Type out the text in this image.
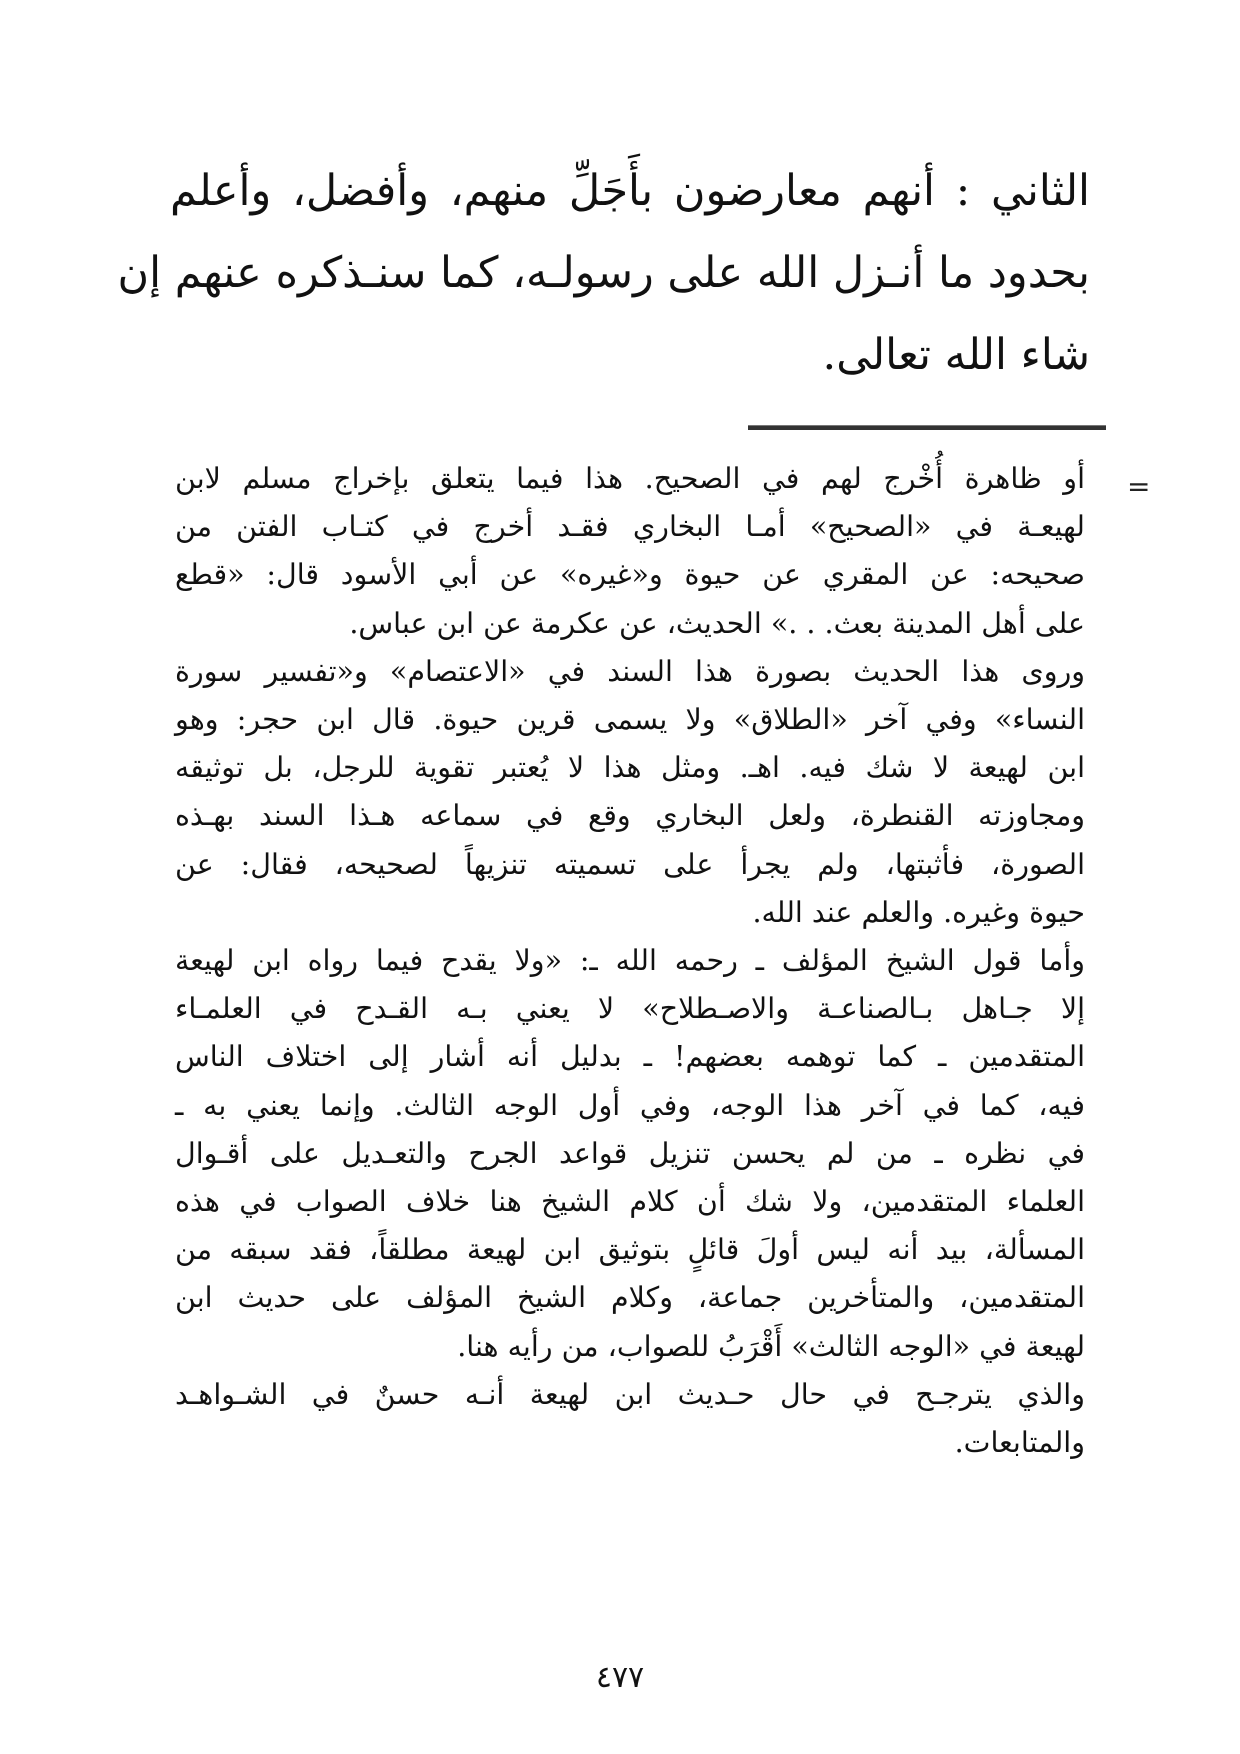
الثاني : أنهم معارضون بأَجَلِّ منهم، وأفضل، وأعلم
بحدود ما أنـزل الله على رسولـه، كما سنـذكره عنهم إن
شاء الله تعالى.
=
أو ظاهرة أُخْرج لهم في الصحيح. هذا فيما يتعلق بإخراج مسلم لابن
لهيعـة في «الصحيح» أمـا البخاري فقـد أخرج في كتـاب الفتن من
صحيحه: عن المقري عن حيوة و«غيره» عن أبي الأسود قال: «قطع
على أهل المدينة بعث. . .» الحديث، عن عكرمة عن ابن عباس.
وروى هذا الحديث بصورة هذا السند في «الاعتصام» و«تفسير سورة
النساء» وفي آخر «الطلاق» ولا يسمى قرين حيوة. قال ابن حجر: وهو
ابن لهيعة لا شك فيه. اهـ. ومثل هذا لا يُعتبر تقوية للرجل، بل توثيقه
ومجاوزته القنطرة، ولعل البخاري وقع في سماعه هـذا السند بهـذه
الصورة، فأثبتها، ولم يجرأ على تسميته تنزيهاً لصحيحه، فقال: عن
حيوة وغيره. والعلم عند الله.
وأما قول الشيخ المؤلف ـ رحمه الله ـ: «ولا يقدح فيما رواه ابن لهيعة
إلا جـاهل بـالصناعـة والاصـطلاح» لا يعني بـه القـدح في العلمـاء
المتقدمين ـ كما توهمه بعضهم! ـ بدليل أنه أشار إلى اختلاف الناس
فيه، كما في آخر هذا الوجه، وفي أول الوجه الثالث. وإنما يعني به ـ
في نظره ـ من لم يحسن تنزيل قواعد الجرح والتعـديل على أقـوال
العلماء المتقدمين، ولا شك أن كلام الشيخ هنا خلاف الصواب في هذه
المسألة، بيد أنه ليس أولَ قائلٍ بتوثيق ابن لهيعة مطلقاً، فقد سبقه من
المتقدمين، والمتأخرين جماعة، وكلام الشيخ المؤلف على حديث ابن
لهيعة في «الوجه الثالث» أَقْرَبُ للصواب، من رأيه هنا.
والذي يترجـح في حال حـديث ابن لهيعة أنـه حسنٌ في الشـواهـد
والمتابعات.
٤٧٧
